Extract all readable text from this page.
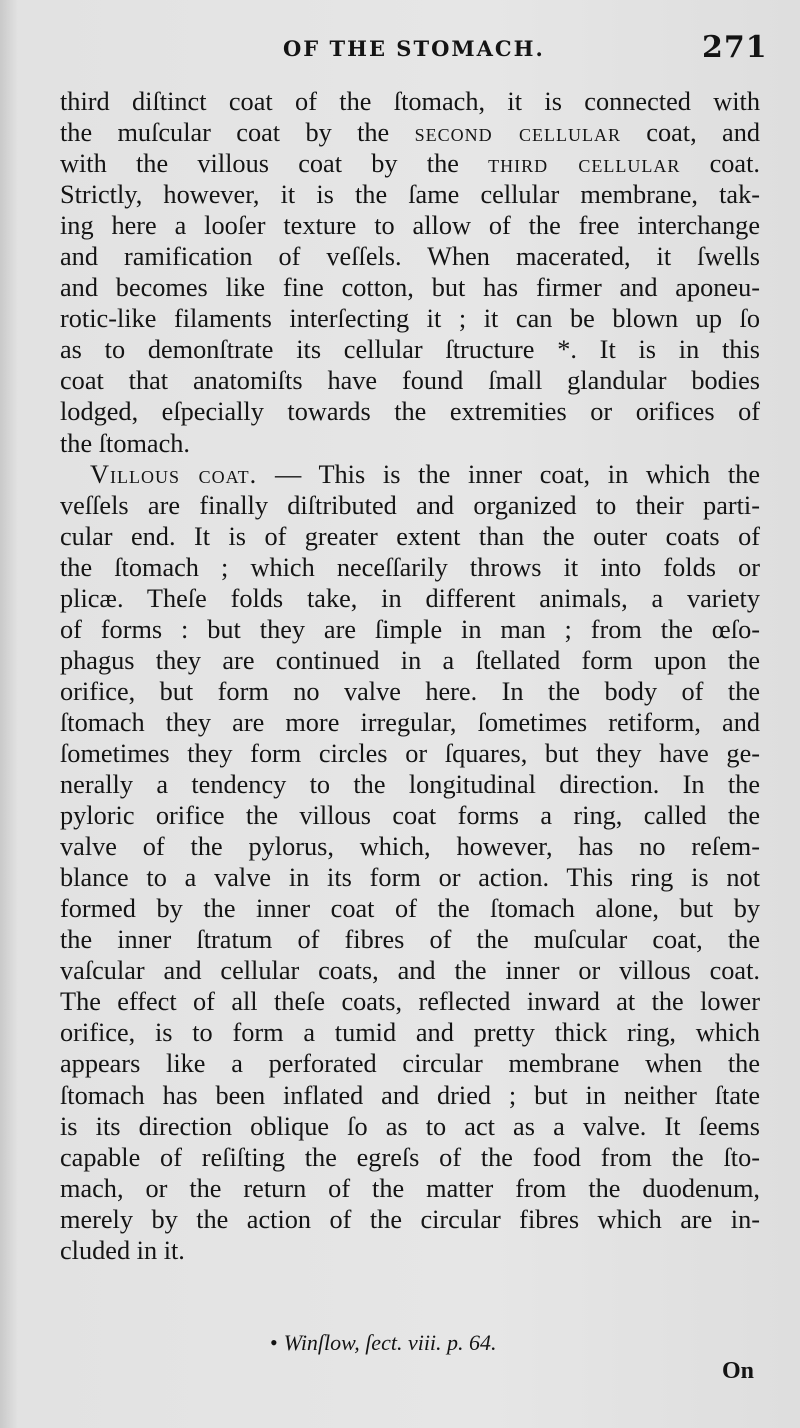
OF THE STOMACH.	271
third diſtinct coat of the ſtomach, it is connected with
the muſcular coat by the second cellular coat, and
with the villous coat by the third cellular coat.
Strictly, however, it is the ſame cellular membrane, tak-
ing here a looſer texture to allow of the free interchange
and ramification of veſſels. When macerated, it ſwells
and becomes like fine cotton, but has firmer and aponeu-
rotic-like filaments interſecting it ; it can be blown up ſo
as to demonſtrate its cellular ſtructure *. It is in this
coat that anatomiſts have found ſmall glandular bodies
lodged, eſpecially towards the extremities or orifices of
the ſtomach.
Villous coat. — This is the inner coat, in which the
veſſels are finally diſtributed and organized to their parti-
cular end. It is of greater extent than the outer coats of
the ſtomach ; which neceſſarily throws it into folds or
plicæ. Theſe folds take, in different animals, a variety
of forms : but they are ſimple in man ; from the œſo-
phagus they are continued in a ſtellated form upon the
orifice, but form no valve here. In the body of the
ſtomach they are more irregular, ſometimes retiform, and
ſometimes they form circles or ſquares, but they have ge-
nerally a tendency to the longitudinal direction. In the
pyloric orifice the villous coat forms a ring, called the
valve of the pylorus, which, however, has no reſem-
blance to a valve in its form or action. This ring is not
formed by the inner coat of the ſtomach alone, but by
the inner ſtratum of fibres of the muſcular coat, the
vaſcular and cellular coats, and the inner or villous coat.
The effect of all theſe coats, reflected inward at the lower
orifice, is to form a tumid and pretty thick ring, which
appears like a perforated circular membrane when the
ſtomach has been inflated and dried ; but in neither ſtate
is its direction oblique ſo as to act as a valve. It ſeems
capable of reſiſting the egreſs of the food from the ſto-
mach, or the return of the matter from the duodenum,
merely by the action of the circular fibres which are in-
cluded in it.
• Winſlow, ſect. viii. p. 64.
On
